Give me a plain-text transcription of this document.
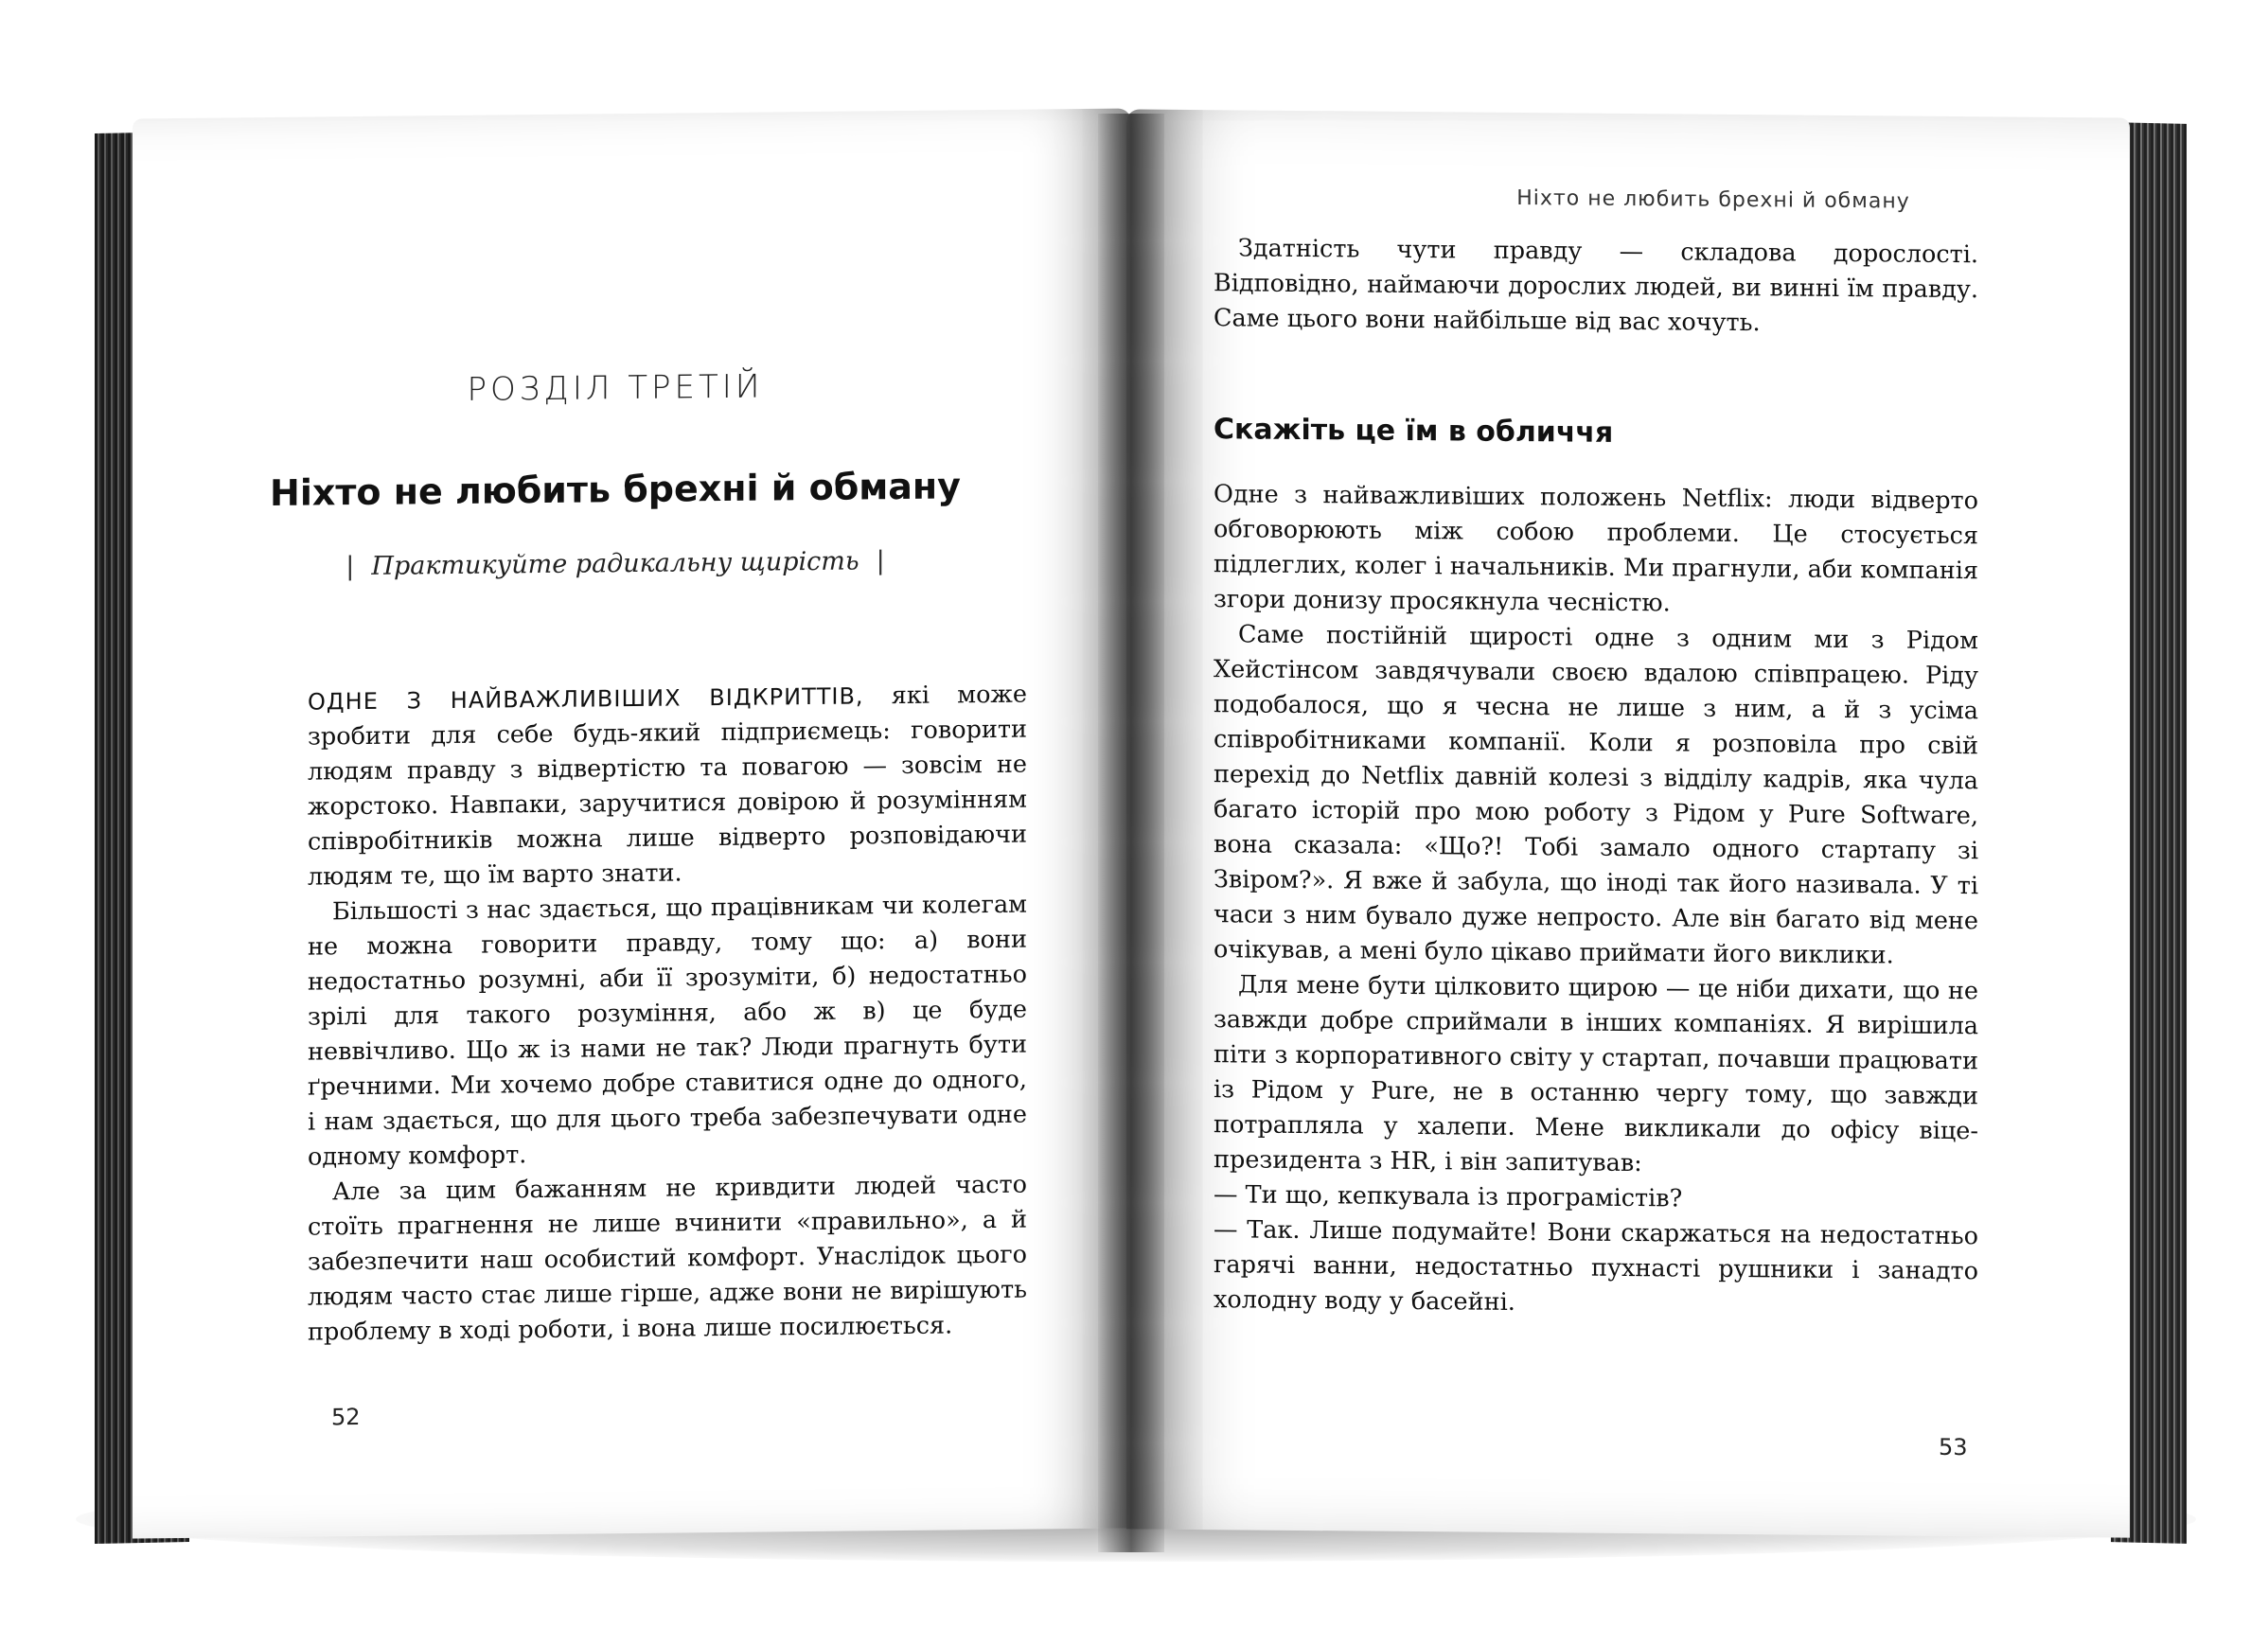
РОЗДІЛ ТРЕТІЙ
Ніхто не любить брехні й обману
| Практикуйте радикальну щирість |

ОДНЕ З НАЙВАЖЛИВІШИХ ВІДКРИТТІВ, які може зробити для себе будь-який підприємець: говорити людям правду з відвертістю та повагою — зовсім не жорстоко. Навпаки, заручитися довірою й розумінням співробітників можна лише відверто розповідаючи людям те, що їм варто знати.

Більшості з нас здається, що працівникам чи колегам не можна говорити правду, тому що: а) вони недостатньо розумні, аби її зрозуміти, б) недостатньо зрілі для такого розуміння, або ж в) це буде неввічливо. Що ж із нами не так? Люди прагнуть бути ґречними. Ми хочемо добре ставитися одне до одного, і нам здається, що для цього треба забезпечувати одне одному комфорт.

Але за цим бажанням не кривдити людей часто стоїть прагнення не лише вчинити «правильно», а й забезпечити наш особистий комфорт. Унаслідок цього людям часто стає лише гірше, адже вони не вирішують проблему в ході роботи, і вона лише посилюється.

52
Ніхто не любить брехні й обману

Здатність чути правду — складова дорослості. Відповідно, наймаючи дорослих людей, ви винні їм правду. Саме цього вони найбільше від вас хочуть.

Скажіть це їм в обличчя

Одне з найважливіших положень Netflix: люди відверто обговорюють між собою проблеми. Це стосується підлеглих, колег і начальників. Ми прагнули, аби компанія згори донизу просякнула чесністю.

Саме постійній щирості одне з одним ми з Рідом Хейстінсом завдячували своєю вдалою співпрацею. Ріду подобалося, що я чесна не лише з ним, а й з усіма співробітниками компанії. Коли я розповіла про свій перехід до Netflix давній колезі з відділу кадрів, яка чула багато історій про мою роботу з Рідом у Pure Software, вона сказала: «Що?! Тобі замало одного стартапу зі Звіром?». Я вже й забула, що іноді так його називала. У ті часи з ним бувало дуже непросто. Але він багато від мене очікував, а мені було цікаво приймати його виклики.

Для мене бути цілковито щирою — це ніби дихати, що не завжди добре сприймали в інших компаніях. Я вирішила піти з корпоративного світу у стартап, почавши працювати із Рідом у Pure, не в останню чергу тому, що завжди потрапляла у халепи. Мене викликали до офісу віце-президента з HR, і він запитував:

— Ти що, кепкувала із програмістів?

— Так. Лише подумайте! Вони скаржаться на недостатньо гарячі ванни, недостатньо пухнасті рушники і занадто холодну воду у басейні.

53
